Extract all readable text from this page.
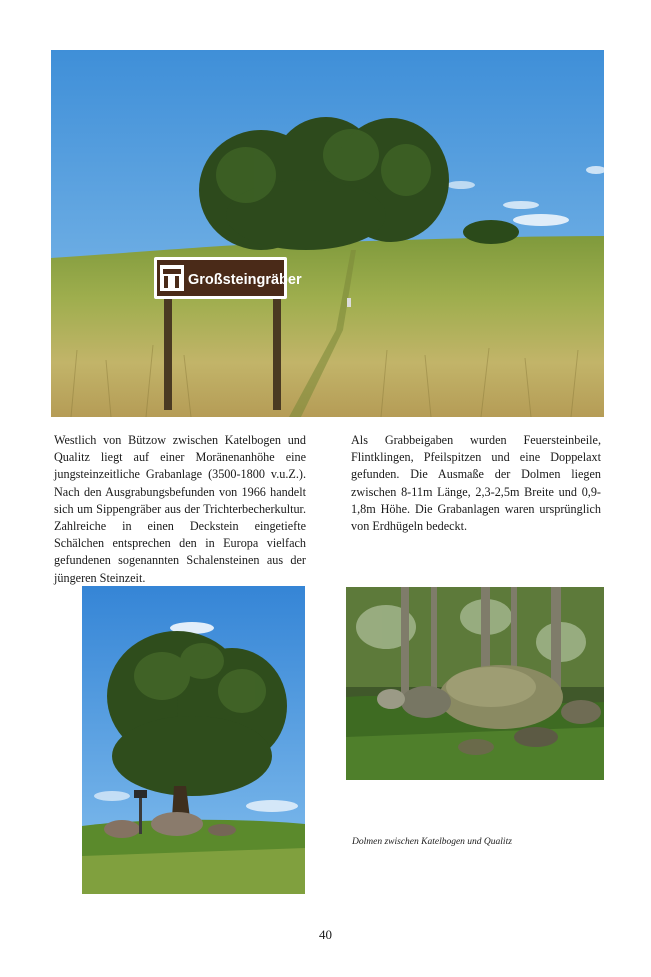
Großsteingräber

Westlich von Bützow zwischen Katelbogen und Qualitz liegt auf einer Moränenanhöhe eine jungsteinzeitliche Grabanlage (3500-1800 v.u.Z.). Nach den Ausgrabungsbefunden von 1966 handelt sich um Sippengräber aus der Trichterbecherkultur. Zahlreiche in einen Deckstein eingetiefte Schälchen entsprechen den in Europa vielfach gefundenen sogenannten Schalensteinen aus der jüngeren Steinzeit.

Als Grabbeigaben wurden Feuersteinbeile, Flintklingen, Pfeilspitzen und eine Doppelaxt gefunden. Die Ausmaße der Dolmen liegen zwischen 8-11m Länge, 2,3-2,5m Breite und 0,9-1,8m Höhe. Die Grabanlagen waren ursprünglich von Erdhügeln bedeckt.

Dolmen zwischen Katelbogen und Qualitz
40
